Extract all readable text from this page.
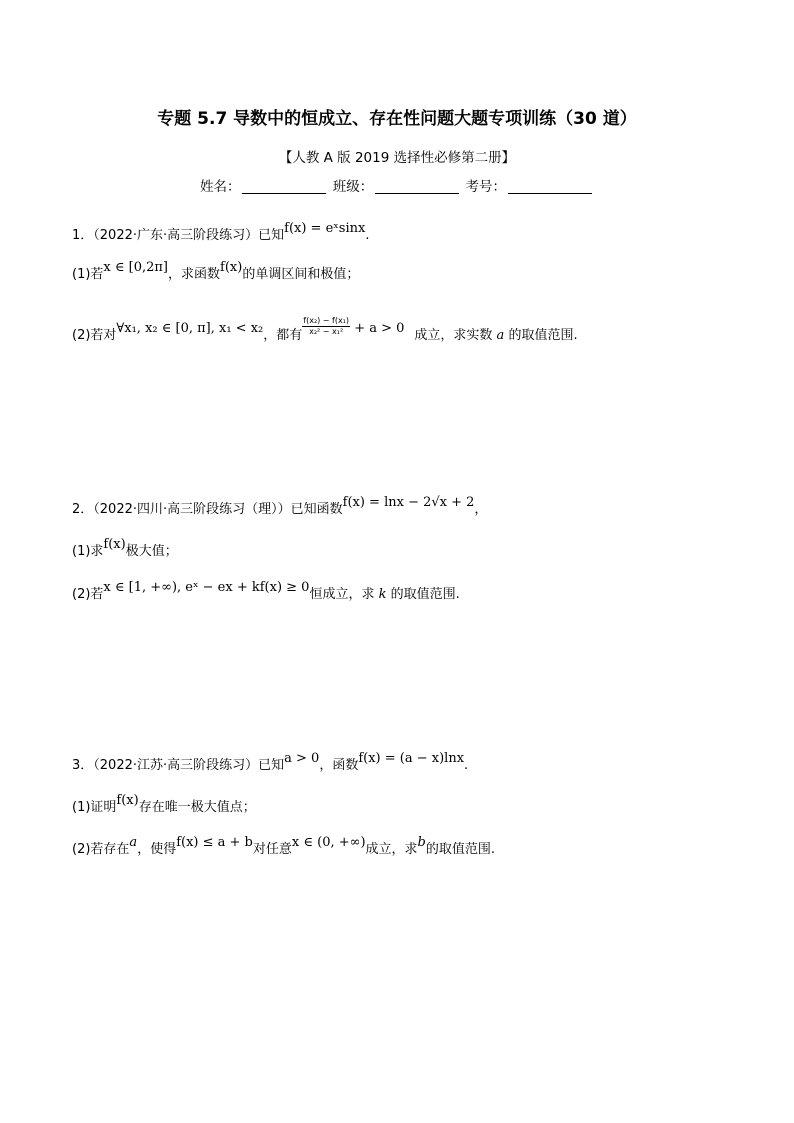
专题 5.7 导数中的恒成立、存在性问题大题专项训练（30 道）
【人教 A 版 2019 选择性必修第二册】
姓名：	班级：	考号：
1．（2022·广东·高三阶段练习）已知f(x) = eˣsinx.
(1)若x ∈ [0,2π]，求函数f(x)的单调区间和极值；
(2)若对∀x₁, x₂ ∈ [0, π], x₁ < x₂，都有 $\frac{\text{f(x₂) − f(x₁)}}{\text{x₂² − x₁²}} + a > 0$ 成立，求实数 a 的取值范围.
2．（2022·四川·高三阶段练习（理））已知函数f(x) = lnx − 2√x + 2，
(1)求f(x)极大值；
(2)若x ∈ [1, +∞), eˣ − ex + kf(x) ≥ 0恒成立，求 k 的取值范围.
3．（2022·江苏·高三阶段练习）已知a > 0，函数f(x) = (a − x)lnx.
(1)证明f(x)存在唯一极大值点；
(2)若存在a，使得f(x) ≤ a + b对任意x ∈ (0, +∞)成立，求b的取值范围.
